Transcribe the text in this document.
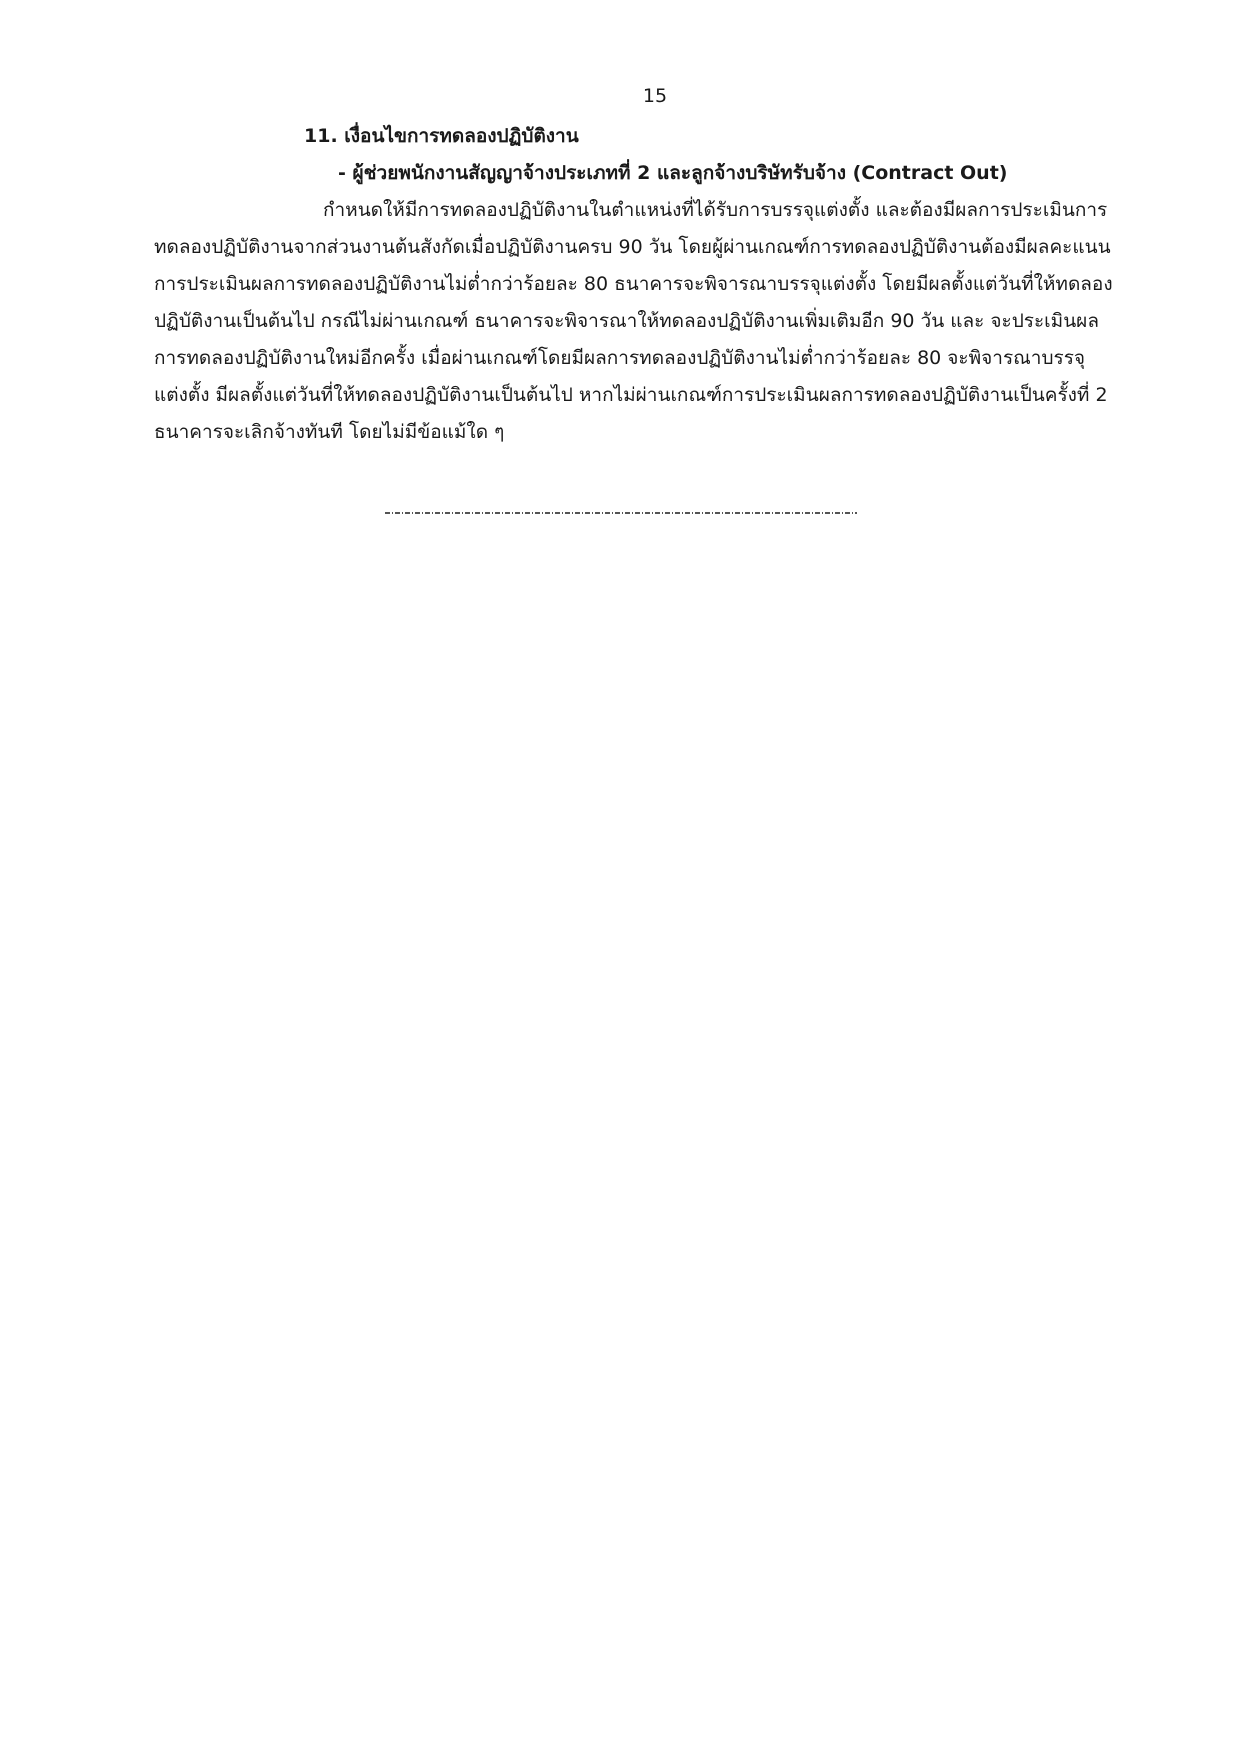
15
11. เงื่อนไขการทดลองปฏิบัติงาน
- ผู้ช่วยพนักงานสัญญาจ้างประเภทที่ 2 และลูกจ้างบริษัทรับจ้าง (Contract Out)
กำหนดให้มีการทดลองปฏิบัติงานในตำแหน่งที่ได้รับการบรรจุแต่งตั้ง และต้องมีผลการประเมินการ
ทดลองปฏิบัติงานจากส่วนงานต้นสังกัดเมื่อปฏิบัติงานครบ 90 วัน โดยผู้ผ่านเกณฑ์การทดลองปฏิบัติงานต้องมีผลคะแนน
การประเมินผลการทดลองปฏิบัติงานไม่ต่ำกว่าร้อยละ 80 ธนาคารจะพิจารณาบรรจุแต่งตั้ง โดยมีผลตั้งแต่วันที่ให้ทดลอง
ปฏิบัติงานเป็นต้นไป กรณีไม่ผ่านเกณฑ์ ธนาคารจะพิจารณาให้ทดลองปฏิบัติงานเพิ่มเติมอีก 90 วัน และ จะประเมินผล
การทดลองปฏิบัติงานใหม่อีกครั้ง เมื่อผ่านเกณฑ์โดยมีผลการทดลองปฏิบัติงานไม่ต่ำกว่าร้อยละ 80 จะพิจารณาบรรจุ
แต่งตั้ง มีผลตั้งแต่วันที่ให้ทดลองปฏิบัติงานเป็นต้นไป หากไม่ผ่านเกณฑ์การประเมินผลการทดลองปฏิบัติงานเป็นครั้งที่ 2
ธนาคารจะเลิกจ้างทันที โดยไม่มีข้อแม้ใด ๆ
